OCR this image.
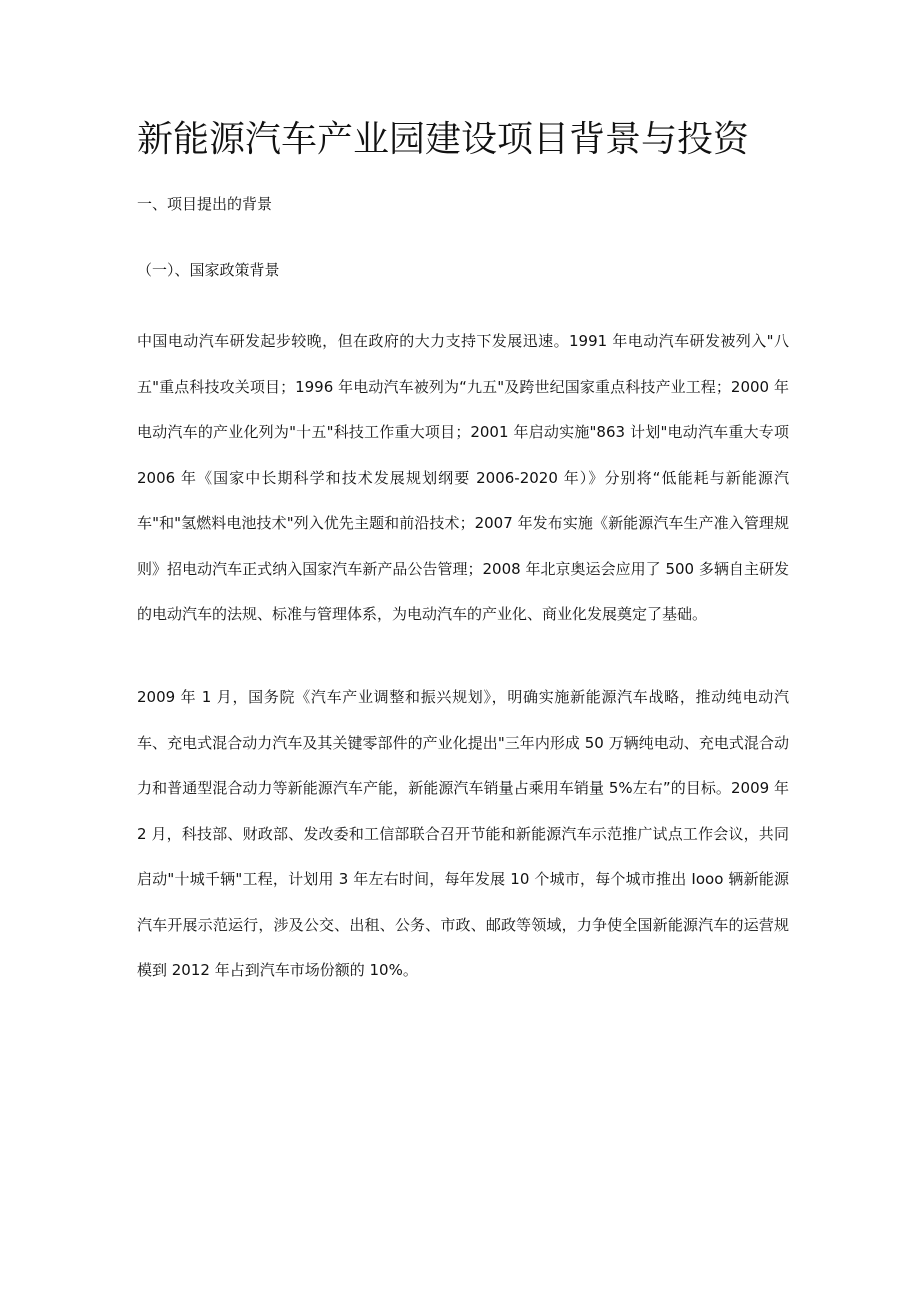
新能源汽车产业园建设项目背景与投资
一、项目提出的背景
（一）、国家政策背景

中国电动汽车研发起步较晚，但在政府的大力支持下发展迅速。1991 年电动汽车研发被列入"八五"重点科技攻关项目；1996 年电动汽车被列为“九五"及跨世纪国家重点科技产业工程；2000 年电动汽车的产业化列为"十五"科技工作重大项目；2001 年启动实施"863 计划"电动汽车重大专项 2006 年《国家中长期科学和技术发展规划纲要 2006-2020 年）》分别将“低能耗与新能源汽车"和"氢燃料电池技术"列入优先主题和前沿技术；2007 年发布实施《新能源汽车生产准入管理规则》招电动汽车正式纳入国家汽车新产品公告管理；2008 年北京奥运会应用了 500 多辆自主研发的电动汽车的法规、标准与管理体系，为电动汽车的产业化、商业化发展奠定了基础。

2009 年 1 月，国务院《汽车产业调整和振兴规划》，明确实施新能源汽车战略，推动纯电动汽车、充电式混合动力汽车及其关键零部件的产业化提出"三年内形成 50 万辆纯电动、充电式混合动力和普通型混合动力等新能源汽车产能，新能源汽车销量占乘用车销量 5%左右”的目标。2009 年 2 月，科技部、财政部、发改委和工信部联合召开节能和新能源汽车示范推广试点工作会议，共同启动"十城千辆"工程，计划用 3 年左右时间，每年发展 10 个城市，每个城市推出 Iooo 辆新能源汽车开展示范运行，涉及公交、出租、公务、市政、邮政等领域，力争使全国新能源汽车的运营规模到 2012 年占到汽车市场份额的 10%。
